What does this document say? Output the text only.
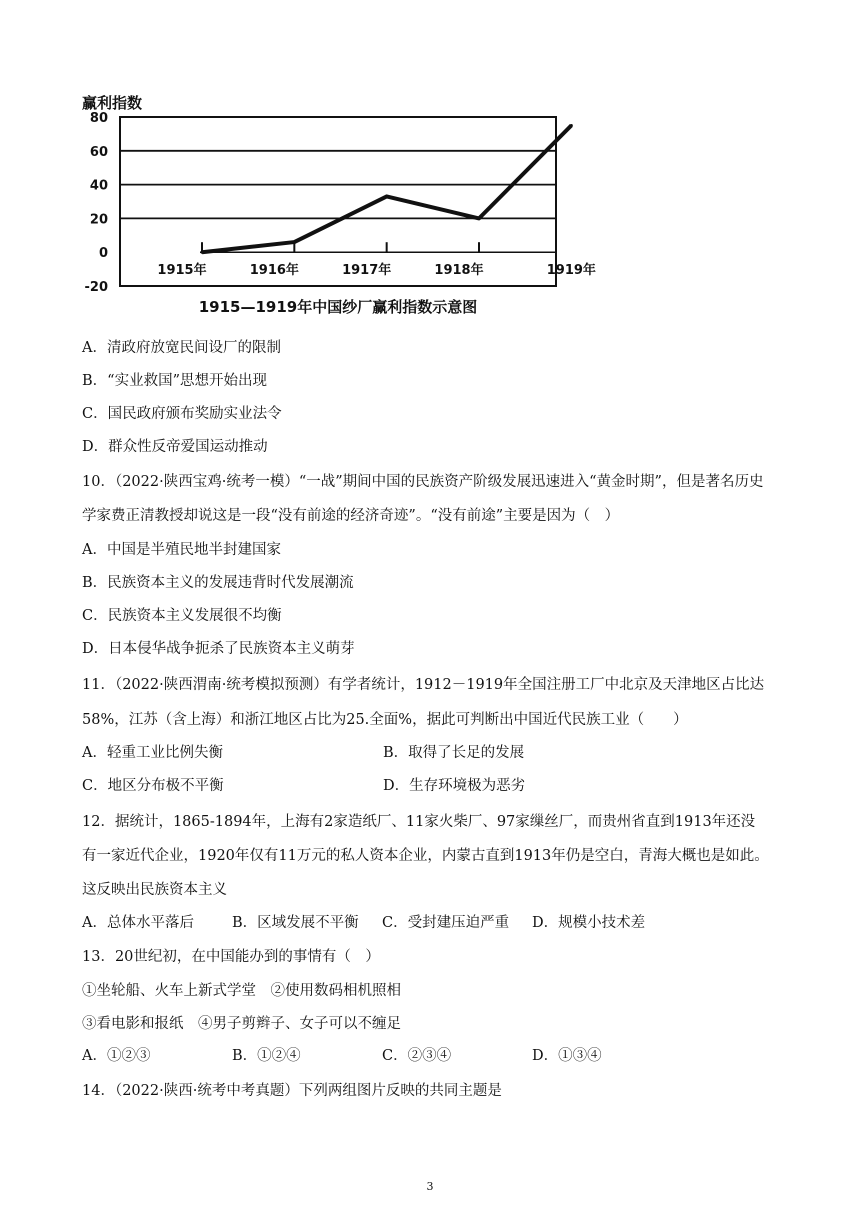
赢利指数
80
60
40
20
0
-20
1915年	1916年	1917年	1918年	1919年
1915—1919年中国纱厂赢利指数示意图
A．清政府放宽民间设厂的限制
B．“实业救国”思想开始出现
C．国民政府颁布奖励实业法令
D．群众性反帝爱国运动推动
10．（2022·陕西宝鸡·统考一模）“一战”期间中国的民族资产阶级发展迅速进入“黄金时期”，但是著名历史
学家费正清教授却说这是一段“没有前途的经济奇迹”。“没有前途”主要是因为（　）
A．中国是半殖民地半封建国家
B．民族资本主义的发展违背时代发展潮流
C．民族资本主义发展很不均衡
D．日本侵华战争扼杀了民族资本主义萌芽
11．（2022·陕西渭南·统考模拟预测）有学者统计，1912－1919年全国注册工厂中北京及天津地区占比达
58%，江苏（含上海）和浙江地区占比为25.全面%，据此可判断出中国近代民族工业（　　）
A．轻重工业比例失衡	B．取得了长足的发展
C．地区分布极不平衡	D．生存环境极为恶劣
12．据统计，1865-1894年，上海有2家造纸厂、11家火柴厂、97家缫丝厂，而贵州省直到1913年还没
有一家近代企业，1920年仅有11万元的私人资本企业，内蒙古直到1913年仍是空白，青海大概也是如此。
这反映出民族资本主义
A．总体水平落后	B．区域发展不平衡 C．受封建压迫严重 D．规模小技术差
13．20世纪初，在中国能办到的事情有（　）
①坐轮船、火车上新式学堂　②使用数码相机照相
③看电影和报纸　④男子剪辫子、女子可以不缠足
A．①②③	B．①②④	C．②③④	D．①③④
14．（2022·陕西·统考中考真题）下列两组图片反映的共同主题是
3
